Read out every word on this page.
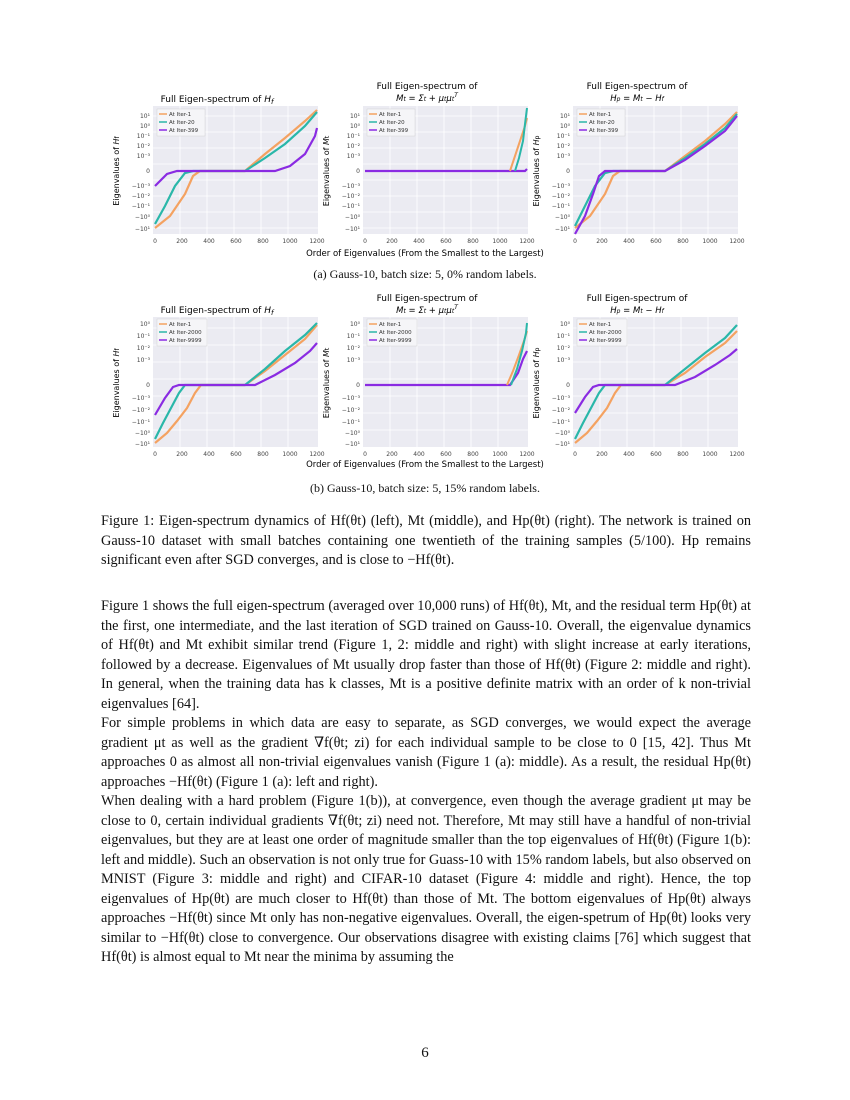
Full Eigen-spectrum of $H_f$
10¹
10⁰
10⁻¹
10⁻²
10⁻³
0
−10⁻³
−10⁻²
−10⁻¹
−10⁰
−10¹
Eigenvalues of Hf
At Iter-1
At Iter-20
At Iter-399
0	200	400	600	800 1000 1200
Full Eigen-spectrum of
Mt = Σt + μtμt$^T$
10¹
10⁰
10⁻¹
10⁻²
10⁻³
0
−10⁻³
−10⁻²
−10⁻¹
−10⁰
−10¹
Eigenvalues of Mt
At Iter-1
At Iter-20
At Iter-399
0	200	400	600	800 1000 1200
Full Eigen-spectrum of
Hp = Mt − Hf
10¹
10⁰
10⁻¹
10⁻²
10⁻³
0
−10⁻³
−10⁻²
−10⁻¹
−10⁰
−10¹
Eigenvalues of Hp
At Iter-1
At Iter-20
At Iter-399
0	200	400	600	800 1000 1200
Order of Eigenvalues (From the Smallest to the Largest)
(a) Gauss-10, batch size: 5, 0% random labels.
Full Eigen-spectrum of $H_f$
10⁰
10⁻¹
10⁻²
10⁻³
0
−10⁻³
−10⁻²
−10⁻¹
−10⁰
−10¹
Eigenvalues of Hf
At Iter-1
At Iter-2000
At Iter-9999
0	200	400	600	800 1000 1200
Full Eigen-spectrum of
Mt = Σt + μtμt$^T$
10⁰
10⁻¹
10⁻²
10⁻³
0
−10⁻³
−10⁻²
−10⁻¹
−10⁰
−10¹
Eigenvalues of Mt
At Iter-1
At Iter-2000
At Iter-9999
0	200	400	600	800 1000 1200
Full Eigen-spectrum of
Hp = Mt − Hf
10⁰
10⁻¹
10⁻²
10⁻³
0
−10⁻³
−10⁻²
−10⁻¹
−10⁰
−10¹
Eigenvalues of Hp
At Iter-1
At Iter-2000
At Iter-9999
0	200	400	600	800 1000 1200
Order of Eigenvalues (From the Smallest to the Largest)
(b) Gauss-10, batch size: 5, 15% random labels.
Figure 1: Eigen-spectrum dynamics of Hf(θt) (left), Mt (middle), and Hp(θt) (right). The network is trained on Gauss-10 dataset with small batches containing one twentieth of the training samples (5/100). Hp remains significant even after SGD converges, and is close to −Hf(θt).

Figure 1 shows the full eigen-spectrum (averaged over 10,000 runs) of Hf(θt), Mt, and the residual term Hp(θt) at the first, one intermediate, and the last iteration of SGD trained on Gauss-10. Overall, the eigenvalue dynamics of Hf(θt) and Mt exhibit similar trend (Figure 1, 2: middle and right) with slight increase at early iterations, followed by a decrease. Eigenvalues of Mt usually drop faster than those of Hf(θt) (Figure 2: middle and right). In general, when the training data has k classes, Mt is a positive definite matrix with an order of k non-trivial eigenvalues [64].

For simple problems in which data are easy to separate, as SGD converges, we would expect the average gradient μt as well as the gradient ∇f(θt; zi) for each individual sample to be close to 0 [15, 42]. Thus Mt approaches 0 as almost all non-trivial eigenvalues vanish (Figure 1 (a): middle). As a result, the residual Hp(θt) approaches −Hf(θt) (Figure 1 (a): left and right).

When dealing with a hard problem (Figure 1(b)), at convergence, even though the average gradient μt may be close to 0, certain individual gradients ∇f(θt; zi) need not. Therefore, Mt may still have a handful of non-trivial eigenvalues, but they are at least one order of magnitude smaller than the top eigenvalues of Hf(θt) (Figure 1(b): left and middle). Such an observation is not only true for Guass-10 with 15% random labels, but also observed on MNIST (Figure 3: middle and right) and CIFAR-10 dataset (Figure 4: middle and right). Hence, the top eigenvalues of Hp(θt) are much closer to Hf(θt) than those of Mt. The bottom eigenvalues of Hp(θt) always approaches −Hf(θt) since Mt only has non-negative eigenvalues. Overall, the eigen-spetrum of Hp(θt) looks very similar to −Hf(θt) close to convergence. Our observations disagree with existing claims [76] which suggest that Hf(θt) is almost equal to Mt near the minima by assuming the

6
